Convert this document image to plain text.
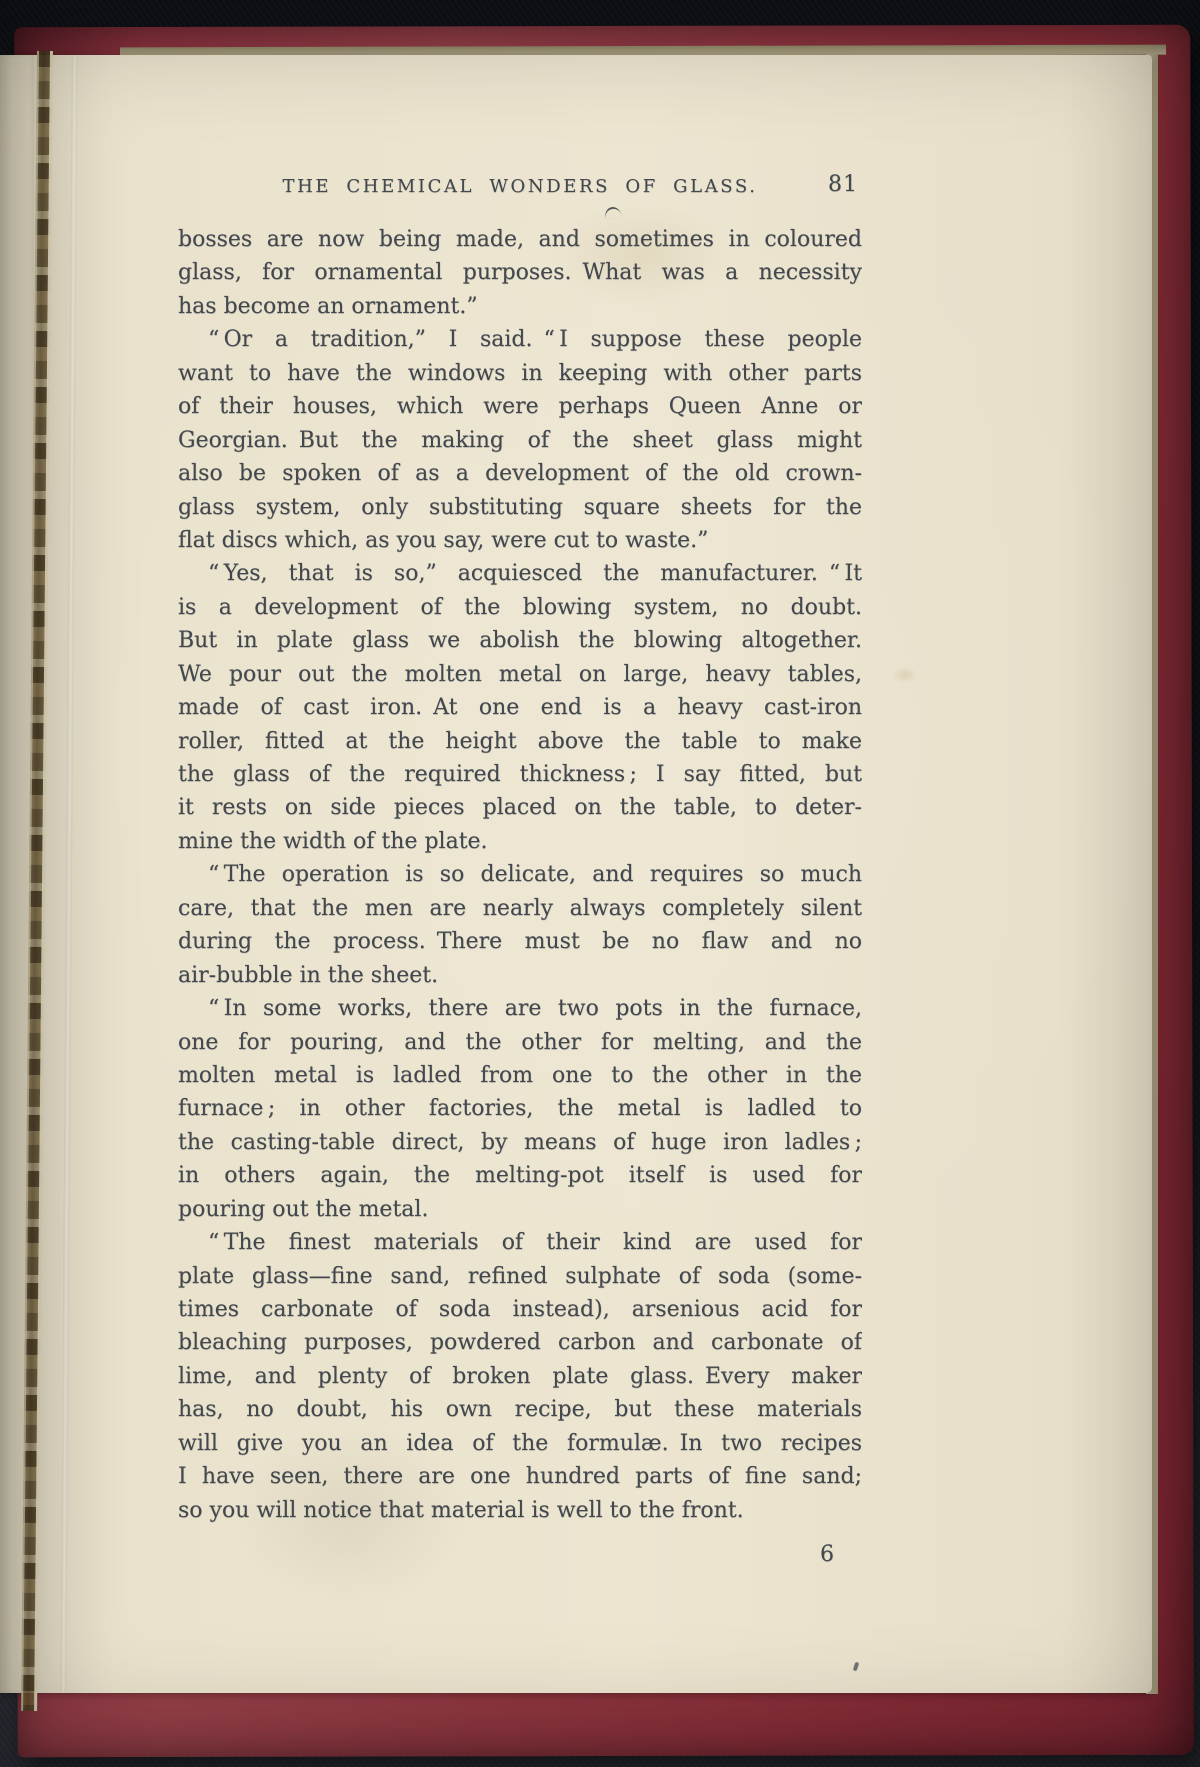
THE CHEMICAL WONDERS OF GLASS.	81
bosses are now being made, and sometimes in coloured
glass, for ornamental purposes. What was a necessity
has become an ornament.”
“ Or a tradition,” I said. “ I suppose these people
want to have the windows in keeping with other parts
of their houses, which were perhaps Queen Anne or
Georgian. But the making of the sheet glass might
also be spoken of as a development of the old crown-
glass system, only substituting square sheets for the
flat discs which, as you say, were cut to waste.”
“ Yes, that is so,” acquiesced the manufacturer. “ It
is a development of the blowing system, no doubt.
But in plate glass we abolish the blowing altogether.
We pour out the molten metal on large, heavy tables,
made of cast iron. At one end is a heavy cast-iron
roller, fitted at the height above the table to make
the glass of the required thickness ; I say fitted, but
it rests on side pieces placed on the table, to deter-
mine the width of the plate.
“ The operation is so delicate, and requires so much
care, that the men are nearly always completely silent
during the process. There must be no flaw and no
air-bubble in the sheet.
“ In some works, there are two pots in the furnace,
one for pouring, and the other for melting, and the
molten metal is ladled from one to the other in the
furnace ; in other factories, the metal is ladled to
the casting-table direct, by means of huge iron ladles ;
in others again, the melting-pot itself is used for
pouring out the metal.
“ The finest materials of their kind are used for
plate glass—fine sand, refined sulphate of soda (some-
times carbonate of soda instead), arsenious acid for
bleaching purposes, powdered carbon and carbonate of
lime, and plenty of broken plate glass. Every maker
has, no doubt, his own recipe, but these materials
will give you an idea of the formulæ. In two recipes
I have seen, there are one hundred parts of fine sand;
so you will notice that material is well to the front.
6
